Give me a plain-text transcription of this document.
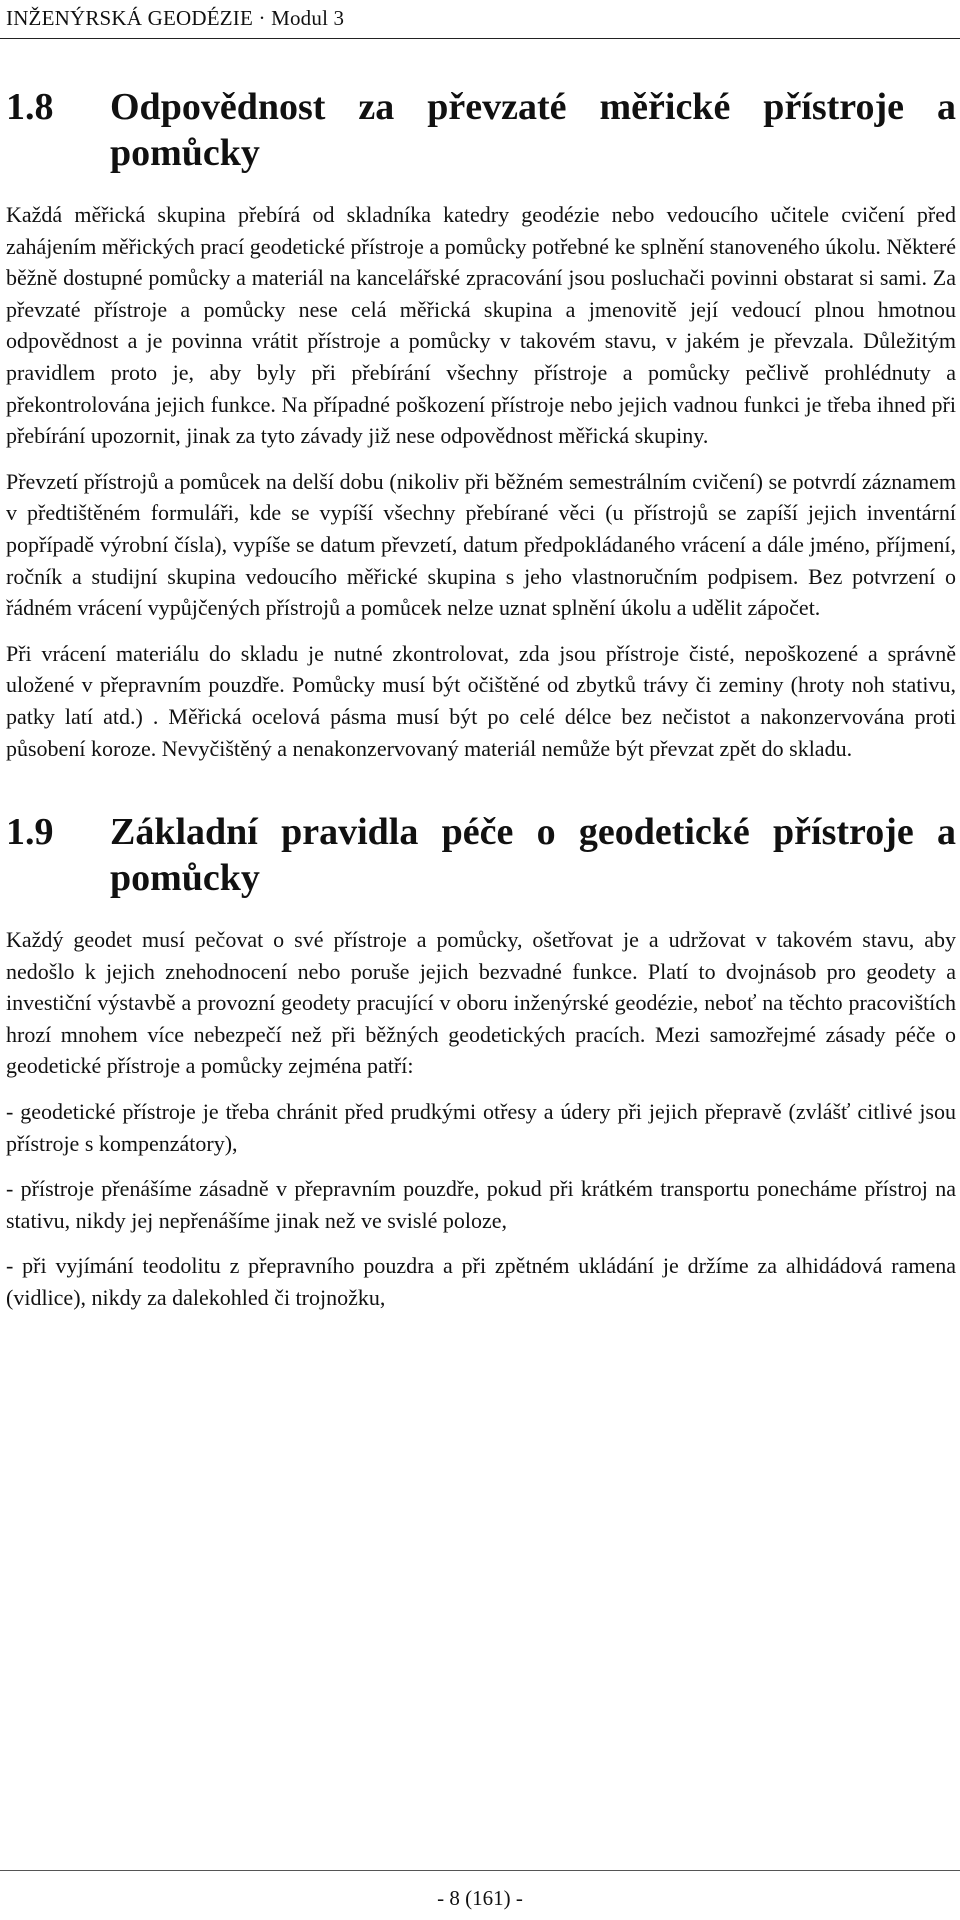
INŽENÝRSKÁ GEODÉZIE · Modul 3
1.8	Odpovědnost za převzaté měřické přístroje a pomůcky

Každá měřická skupina přebírá od skladníka katedry geodézie nebo vedoucího učitele cvičení před zahájením měřických prací geodetické přístroje a pomůcky potřebné ke splnění stanoveného úkolu. Některé běžně dostupné pomůcky a materiál na kancelářské zpracování jsou posluchači povinni obstarat si sami. Za převzaté přístroje a pomůcky nese celá měřická skupina a jmenovitě její vedoucí plnou hmotnou odpovědnost a je povinna vrátit přístroje a pomůcky v takovém stavu, v jakém je převzala. Důležitým pravidlem proto je, aby byly při přebírání všechny přístroje a pomůcky pečlivě prohlédnuty a překontrolována jejich funkce. Na případné poškození přístroje nebo jejich vadnou funkci je třeba ihned při přebírání upozornit, jinak za tyto závady již nese odpovědnost měřická skupiny.

Převzetí přístrojů a pomůcek na delší dobu (nikoliv při běžném semestrálním cvičení) se potvrdí záznamem v předtištěném formuláři, kde se vypíší všechny přebírané věci (u přístrojů se zapíší jejich inventární popřípadě výrobní čísla), vypíše se datum převzetí, datum předpokládaného vrácení a dále jméno, příjmení, ročník a studijní skupina vedoucího měřické skupina s jeho vlastnoručním podpisem. Bez potvrzení o řádném vrácení vypůjčených přístrojů a pomůcek nelze uznat splnění úkolu a udělit zápočet.

Při vrácení materiálu do skladu je nutné zkontrolovat, zda jsou přístroje čisté, nepoškozené a správně uložené v přepravním pouzdře. Pomůcky musí být očištěné od zbytků trávy či zeminy (hroty noh stativu, patky latí atd.) . Měřická ocelová pásma musí být po celé délce bez nečistot a nakonzervována proti působení koroze. Nevyčištěný a nenakonzervovaný materiál nemůže být převzat zpět do skladu.

1.9	Základní pravidla péče o geodetické přístroje a pomůcky

Každý geodet musí pečovat o své přístroje a pomůcky, ošetřovat je a udržovat v takovém stavu, aby nedošlo k jejich znehodnocení nebo poruše jejich bezvadné funkce. Platí to dvojnásob pro geodety a investiční výstavbě a provozní geodety pracující v oboru inženýrské geodézie, neboť na těchto pracovištích hrozí mnohem více nebezpečí než při běžných geodetických pracích. Mezi samozřejmé zásady péče o geodetické přístroje a pomůcky zejména patří:

- geodetické přístroje je třeba chránit před prudkými otřesy a údery při jejich přepravě (zvlášť citlivé jsou přístroje s kompenzátory),

- přístroje přenášíme zásadně v přepravním pouzdře, pokud při krátkém transportu ponecháme přístroj na stativu, nikdy jej nepřenášíme jinak než ve svislé poloze,

- při vyjímání teodolitu z přepravního pouzdra a při zpětném ukládání je držíme za alhidádová ramena (vidlice), nikdy za dalekohled či trojnožku,

- 8 (161) -
